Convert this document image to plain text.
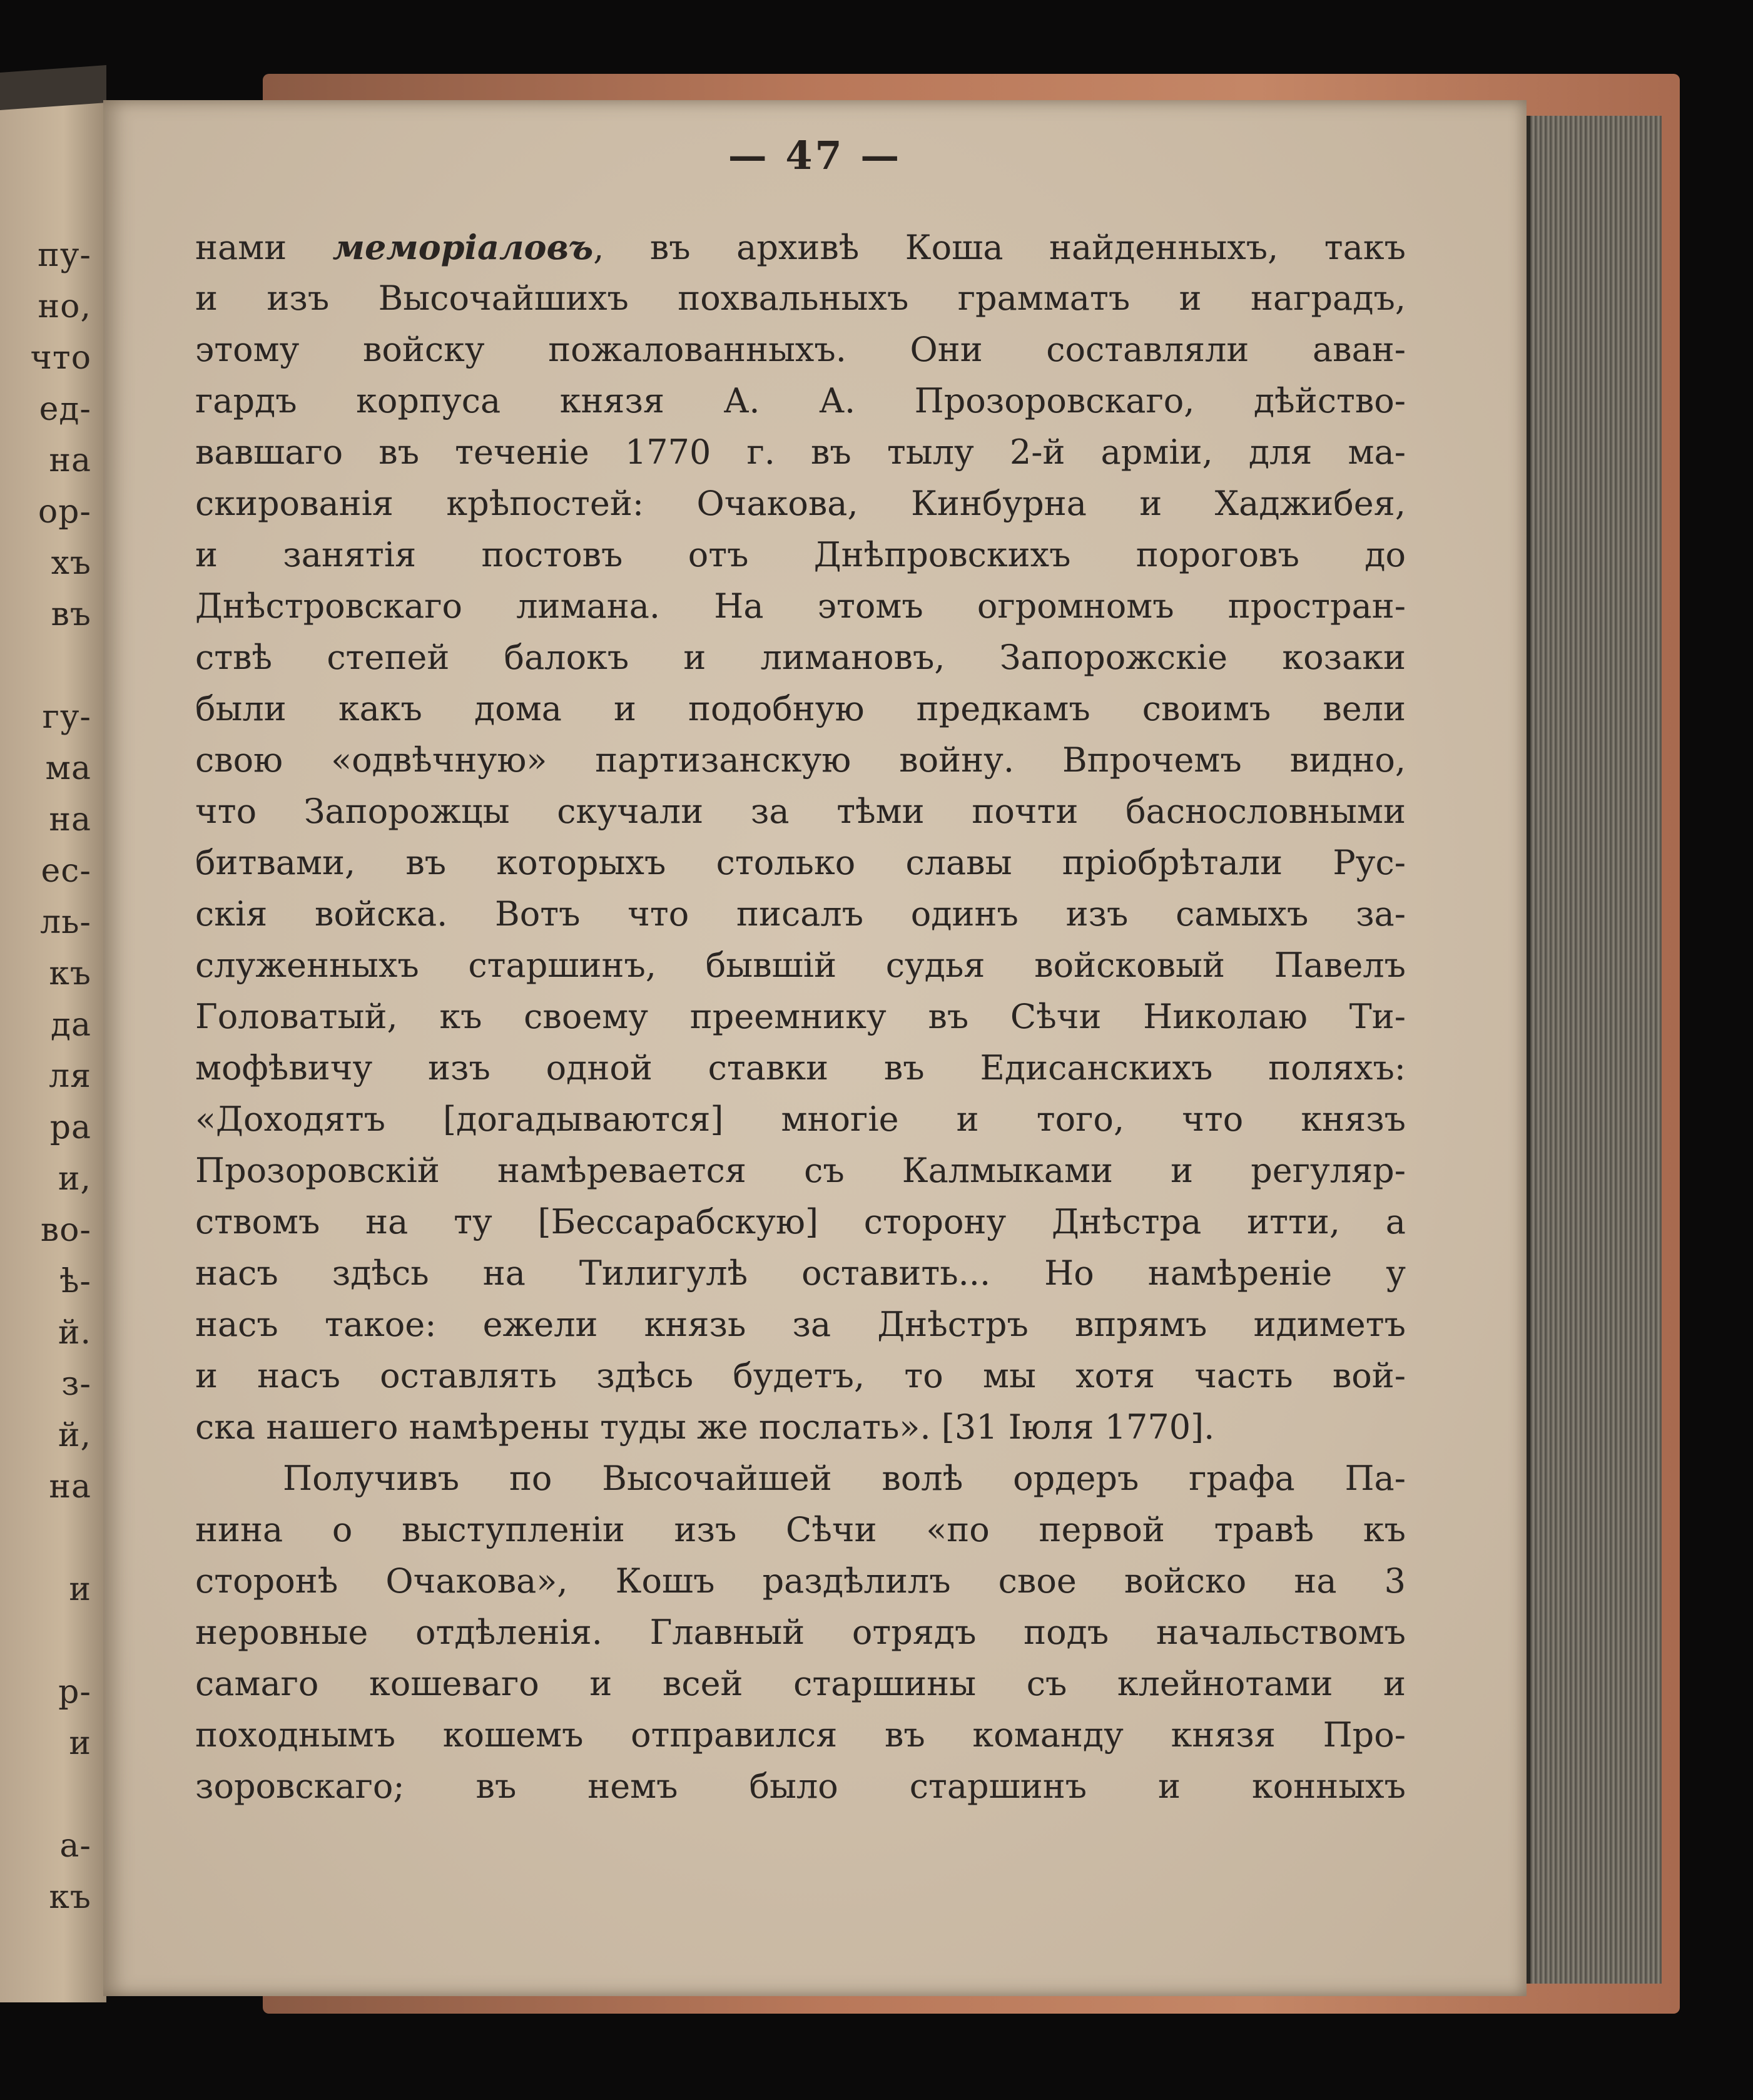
пу-
но,
что
ед-
на
ор-
хъ
въ
гу-
ма
на
ес-
ль-
къ
да
ля
ра
и,
во-
ѣ-
й.
з-
й,
на
и
р-
и
а-
къ
— 47 —
нами меморіаловъ, въ архивѣ Коша найденныхъ, такъ
и изъ Высочайшихъ похвальныхъ грамматъ и наградъ,
этому войску пожалованныхъ. Они составляли аван-
гардъ корпуса князя А. А. Прозоровскаго, дѣйство-
вавшаго въ теченіе 1770 г. въ тылу 2-й арміи, для ма-
скированія крѣпостей: Очакова, Кинбурна и Хаджибея,
и занятія постовъ отъ Днѣпровскихъ пороговъ до
Днѣстровскаго лимана. На этомъ огромномъ простран-
ствѣ степей балокъ и лимановъ, Запорожскіе козаки
были какъ дома и подобную предкамъ своимъ вели
свою «одвѣчную» партизанскую войну. Впрочемъ видно,
что Запорожцы скучали за тѣми почти баснословными
битвами, въ которыхъ столько славы пріобрѣтали Рус-
скія войска. Вотъ что писалъ одинъ изъ самыхъ за-
служенныхъ старшинъ, бывшій судья войсковый Павелъ
Головатый, къ своему преемнику въ Сѣчи Николаю Ти-
мофѣвичу изъ одной ставки въ Едисанскихъ поляхъ:
«Доходятъ [догадываются] многіе и того, что князъ
Прозоровскій намѣревается съ Калмыками и регуляр-
ствомъ на ту [Бессарабскую] сторону Днѣстра итти, а
насъ здѣсь на Тилигулѣ оставить... Но намѣреніе у
насъ такое: ежели князь за Днѣстръ впрямъ идиметъ
и насъ оставлять здѣсь будетъ, то мы хотя часть вой-
ска нашего намѣрены туды же послать». [31 Іюля 1770].
Получивъ по Высочайшей волѣ ордеръ графа Па-
нина о выступленіи изъ Сѣчи «по первой травѣ къ
сторонѣ Очакова», Кошъ раздѣлилъ свое войско на 3
неровные отдѣленія. Главный отрядъ подъ начальствомъ
самаго кошеваго и всей старшины съ клейнотами и
походнымъ кошемъ отправился въ команду князя Про-
зоровскаго; въ немъ было старшинъ и конныхъ
